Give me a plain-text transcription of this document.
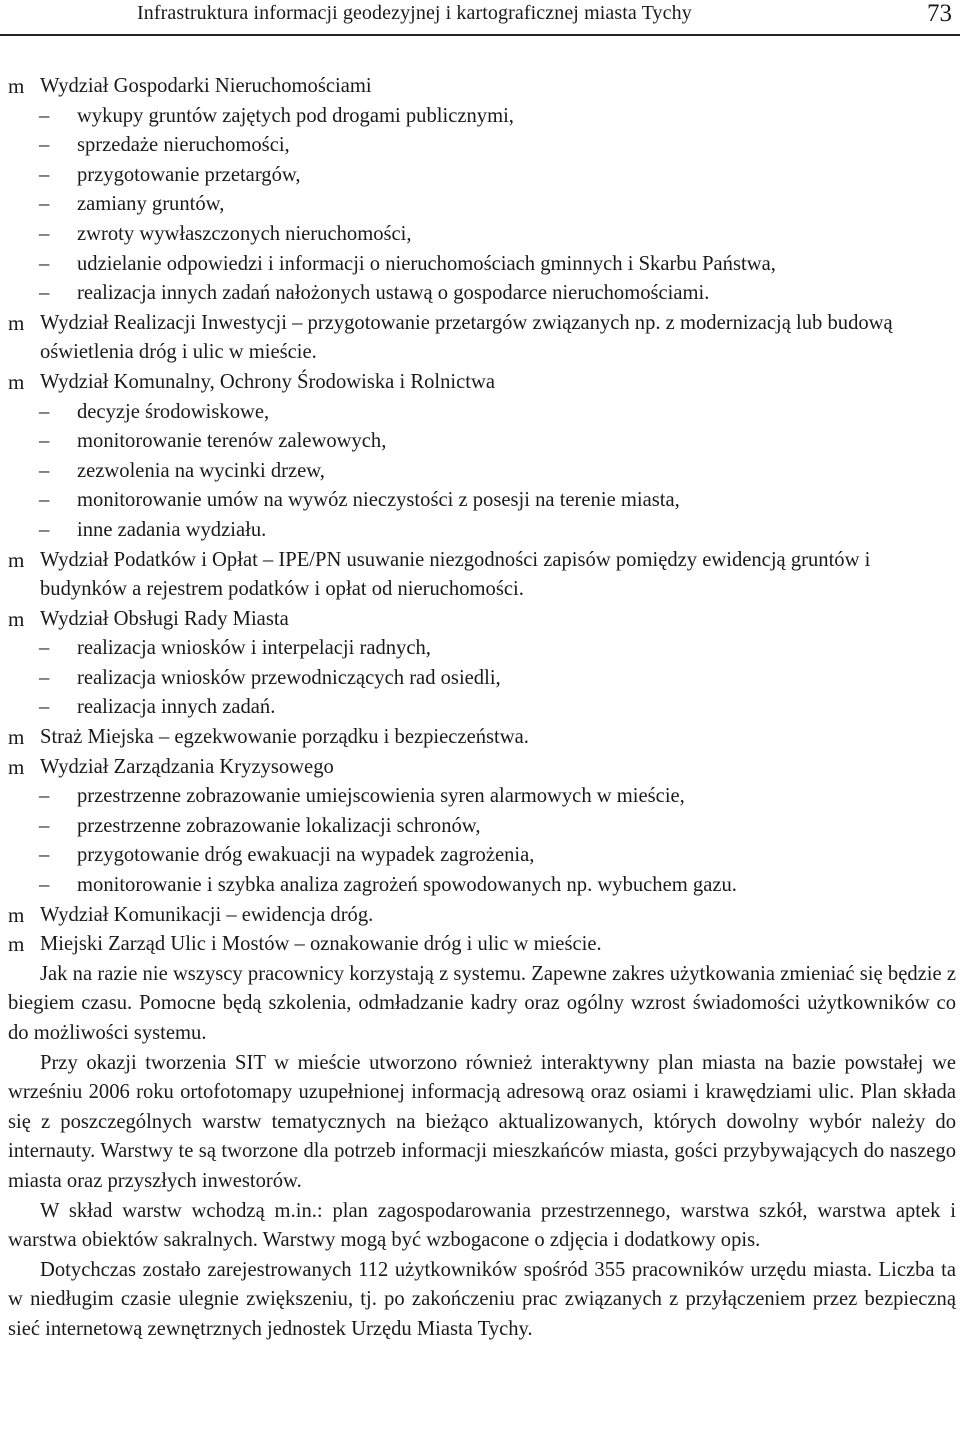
Infrastruktura informacji geodezyjnej i kartograficznej miasta Tychy	73

m Wydział Gospodarki Nieruchomościami

– wykupy gruntów zajętych pod drogami publicznymi,

– sprzedaże nieruchomości,

– przygotowanie przetargów,

– zamiany gruntów,

– zwroty wywłaszczonych nieruchomości,

– udzielanie odpowiedzi i informacji o nieruchomościach gminnych i Skarbu Państwa,

– realizacja innych zadań nałożonych ustawą o gospodarce nieruchomościami.

m Wydział Realizacji Inwestycji – przygotowanie przetargów związanych np. z modernizacją lub budową oświetlenia dróg i ulic w mieście.

m Wydział Komunalny, Ochrony Środowiska i Rolnictwa

– decyzje środowiskowe,

– monitorowanie terenów zalewowych,

– zezwolenia na wycinki drzew,

– monitorowanie umów na wywóz nieczystości z posesji na terenie miasta,

– inne zadania wydziału.

m Wydział Podatków i Opłat – IPE/PN usuwanie niezgodności zapisów pomiędzy ewidencją gruntów i budynków a rejestrem podatków i opłat od nieruchomości.

m Wydział Obsługi Rady Miasta

– realizacja wniosków i interpelacji radnych,

– realizacja wniosków przewodniczących rad osiedli,

– realizacja innych zadań.

m Straż Miejska – egzekwowanie porządku i bezpieczeństwa.

m Wydział Zarządzania Kryzysowego

– przestrzenne zobrazowanie umiejscowienia syren alarmowych w mieście,

– przestrzenne zobrazowanie lokalizacji schronów,

– przygotowanie dróg ewakuacji na wypadek zagrożenia,

– monitorowanie i szybka analiza zagrożeń spowodowanych np. wybuchem gazu.

m Wydział Komunikacji – ewidencja dróg.

m Miejski Zarząd Ulic i Mostów – oznakowanie dróg i ulic w mieście.

Jak na razie nie wszyscy pracownicy korzystają z systemu. Zapewne zakres użytkowania zmieniać się będzie z biegiem czasu. Pomocne będą szkolenia, odmładzanie kadry oraz ogólny wzrost świadomości użytkowników co do możliwości systemu.

Przy okazji tworzenia SIT w mieście utworzono również interaktywny plan miasta na bazie powstałej we wrześniu 2006 roku ortofotomapy uzupełnionej informacją adresową oraz osiami i krawędziami ulic. Plan składa się z poszczególnych warstw tematycznych na bieżąco aktualizowanych, których dowolny wybór należy do internauty. Warstwy te są tworzone dla potrzeb informacji mieszkańców miasta, gości przybywających do naszego miasta oraz przyszłych inwestorów.

W skład warstw wchodzą m.in.: plan zagospodarowania przestrzennego, warstwa szkół, warstwa aptek i warstwa obiektów sakralnych. Warstwy mogą być wzbogacone o zdjęcia i dodatkowy opis.

Dotychczas zostało zarejestrowanych 112 użytkowników spośród 355 pracowników urzędu miasta. Liczba ta w niedługim czasie ulegnie zwiększeniu, tj. po zakończeniu prac związanych z przyłączeniem przez bezpieczną sieć internetową zewnętrznych jednostek Urzędu Miasta Tychy.
